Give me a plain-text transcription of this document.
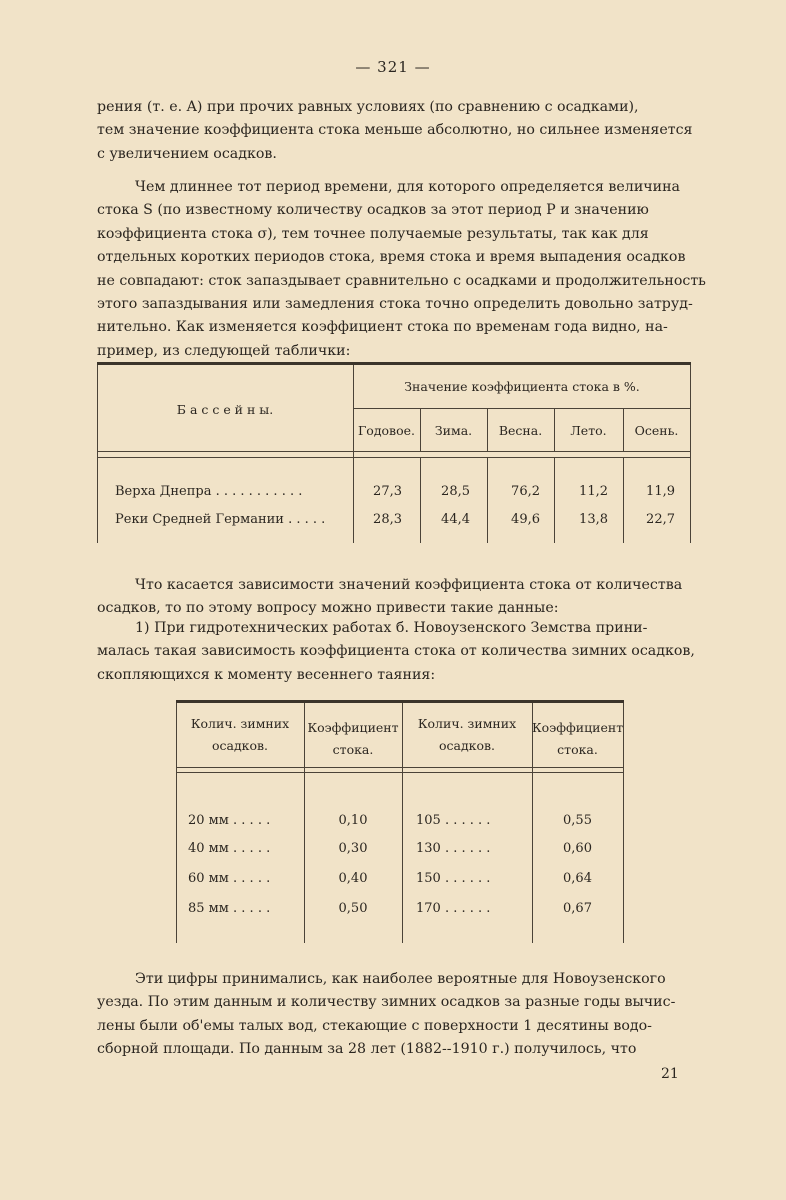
— 321 —
рения (т. е. A) при прочих равных условиях (по сравнению с осадками),
тем значение коэффициента стока меньше абсолютно, но сильнее изменяется
с увеличением осадков.
Чем длиннее тот период времени, для которого определяется величина
стока S (по известному количеству осадков за этот период P и значению
коэффициента стока σ), тем точнее получаемые результаты, так как для
отдельных коротких периодов стока, время стока и время выпадения осадков
не совпадают: сток запаздывает сравнительно с осадками и продолжительность
этого запаздывания или замедления стока точно определить довольно затруд-
нительно. Как изменяется коэффициент стока по временам года видно, на-
пример, из следующей таблички:
Б а с с е й н ы.
Значение коэффициента стока в %.
Годовое.	Зима.	Весна.	Лето.	Осень.
Верха Днепра . . . . . . . . . . .	27,3	28,5	76,2	11,2	11,9
Реки Средней Германии . . . . .	28,3	44,4	49,6	13,8	22,7
Что касается зависимости значений коэффициента стока от количества
осадков, то по этому вопросу можно привести такие данные:
1) При гидротехнических работах б. Новоузенского Земства прини-
малась такая зависимость коэффициента стока от количества зимних осадков,
скопляющихся к моменту весеннего таяния:
Колич. зимних
осадков.
Коэффициент
стока.
Колич. зимних
осадков.
Коэффициент
стока.
20 мм . . . . .	0,10	105 . . . . . .	0,55
40 мм . . . . .	0,30	130 . . . . . .	0,60
60 мм . . . . .	0,40	150 . . . . . .	0,64
85 мм . . . . .	0,50	170 . . . . . .	0,67
Эти цифры принимались, как наиболее вероятные для Новоузенского
уезда. По этим данным и количеству зимних осадков за разные годы вычис-
лены были об'емы талых вод, стекающие с поверхности 1 десятины водо-
сборной площади. По данным за 28 лет (1882--1910 г.) получилось, что
21
